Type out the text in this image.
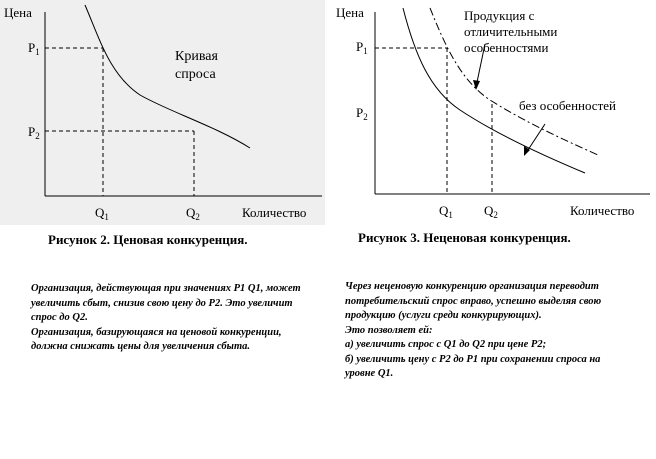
Цена
Количество
$P_1$
$P_2$
$Q_1$	$Q_2$
Кривая
спроса
Цена
Количество
$P_1$
$P_2$
$Q_1$ $Q_2$
Продукция с
отличительными
особенностями
без особенностей
Рисунок 2. Ценовая конкуренция.	Рисунок 3. Неценовая конкуренция.

Организация, действующая при значениях P1 Q1, может увеличить сбыт, снизив свою цену до P2. Это увеличит спрос до Q2.

Организация, базирующаяся на ценовой конкуренции, должна снижать цены для увеличения сбыта.

Через неценовую конкуренцию организация переводит потребительский спрос вправо, успешно выделяя свою продукцию (услуги среди конкурирующих).

Это позволяет ей:

а) увеличить спрос с Q1 до Q2 при цене P2;

б) увеличить цену с P2 до P1 при сохранении спроса на уровне Q1.
